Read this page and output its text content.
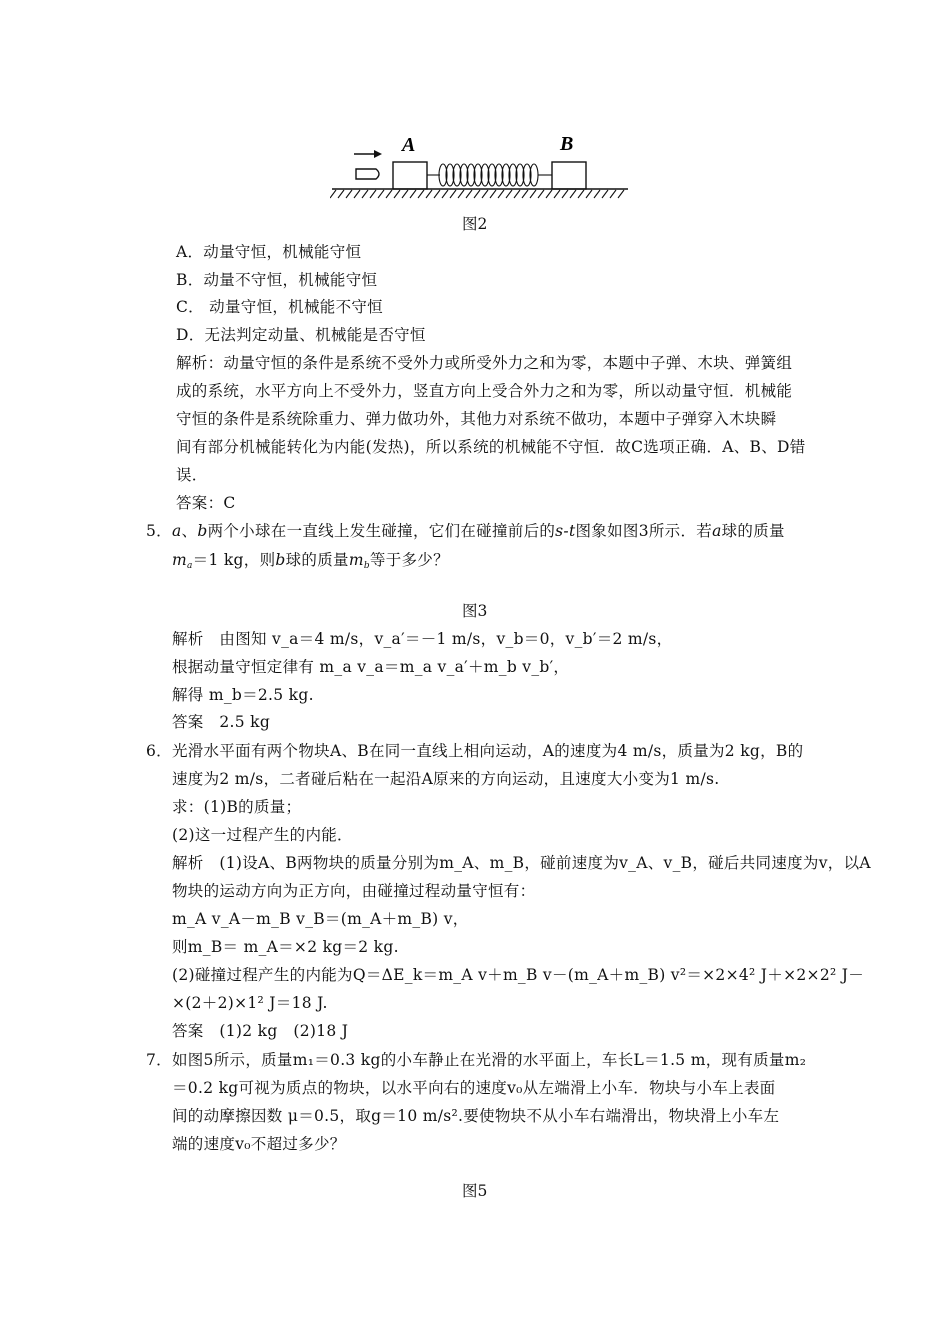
A	B
图2
A．动量守恒，机械能守恒
B．动量不守恒，机械能守恒
C． 动量守恒，机械能不守恒
D．无法判定动量、机械能是否守恒
解析：动量守恒的条件是系统不受外力或所受外力之和为零，本题中子弹、木块、弹簧组
成的系统，水平方向上不受外力，竖直方向上受合外力之和为零，所以动量守恒．机械能
守恒的条件是系统除重力、弹力做功外，其他力对系统不做功，本题中子弹穿入木块瞬
间有部分机械能转化为内能(发热)，所以系统的机械能不守恒．故C选项正确．A、B、D错
误．
答案：C
5．a、b两个小球在一直线上发生碰撞，它们在碰撞前后的s-t图象如图3所示．若a球的质量
$m_a=1$ kg，则b球的质量$m_b$等于多少？
图3
解析　由图知 v_a＝4 m/s，v_a′＝－1 m/s，v_b＝0，v_b′＝2 m/s，
根据动量守恒定律有 m_a v_a＝m_a v_a′＋m_b v_b′，
解得 m_b＝2.5 kg.
答案　2.5 kg
6．光滑水平面有两个物块A、B在同一直线上相向运动，A的速度为4 m/s，质量为2 kg，B的
速度为2 m/s，二者碰后粘在一起沿A原来的方向运动，且速度大小变为1 m/s.
求：(1)B的质量；
(2)这一过程产生的内能．
解析　(1)设A、B两物块的质量分别为m_A、m_B，碰前速度为v_A、v_B，碰后共同速度为v，以A
物块的运动方向为正方向，由碰撞过程动量守恒有：
m_A v_A－m_B v_B＝(m_A＋m_B) v，
则m_B＝ m_A＝×2 kg＝2 kg.
(2)碰撞过程产生的内能为Q＝ΔE_k＝m_A v＋m_B v－(m_A＋m_B) v²＝×2×4² J＋×2×2² J－
×(2＋2)×1² J＝18 J.
答案　(1)2 kg　(2)18 J
7．如图5所示，质量m₁＝0.3 kg的小车静止在光滑的水平面上，车长L＝1.5 m，现有质量m₂
＝0.2 kg可视为质点的物块，以水平向右的速度v₀从左端滑上小车．物块与小车上表面
间的动摩擦因数 μ＝0.5，取g＝10 m/s².要使物块不从小车右端滑出，物块滑上小车左
端的速度v₀不超过多少？
图5
